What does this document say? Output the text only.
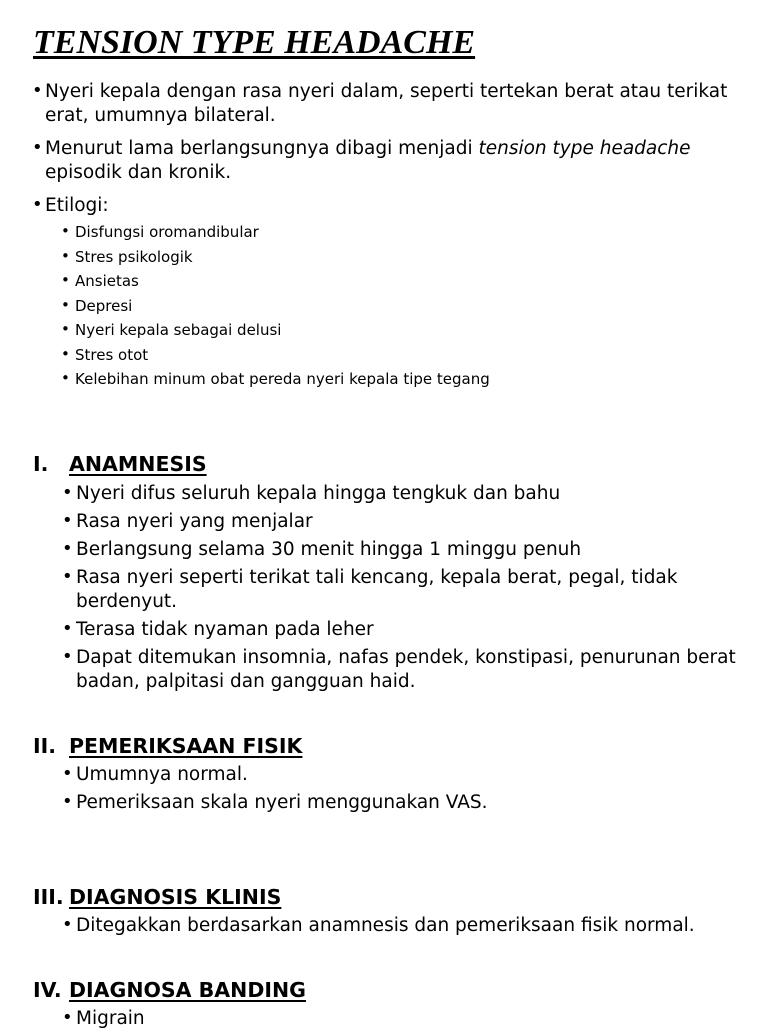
TENSION TYPE HEADACHE
• Nyeri kepala dengan rasa nyeri dalam, seperti tertekan berat atau terikat erat, umumnya bilateral.
• Menurut lama berlangsungnya dibagi menjadi tension type headache episodik dan kronik.
• Etilogi:
• Disfungsi oromandibular
• Stres psikologik
• Ansietas
• Depresi
• Nyeri kepala sebagai delusi
• Stres otot
• Kelebihan minum obat pereda nyeri kepala tipe tegang
I. ANAMNESIS
• Nyeri difus seluruh kepala hingga tengkuk dan bahu
• Rasa nyeri yang menjalar
• Berlangsung selama 30 menit hingga 1 minggu penuh
• Rasa nyeri seperti terikat tali kencang, kepala berat, pegal, tidak berdenyut.
• Terasa tidak nyaman pada leher
• Dapat ditemukan insomnia, nafas pendek, konstipasi, penurunan berat badan, palpitasi dan gangguan haid.
II. PEMERIKSAAN FISIK
• Umumnya normal.
• Pemeriksaan skala nyeri menggunakan VAS.
III. DIAGNOSIS KLINIS
• Ditegakkan berdasarkan anamnesis dan pemeriksaan fisik normal.
IV. DIAGNOSA BANDING
• Migrain
